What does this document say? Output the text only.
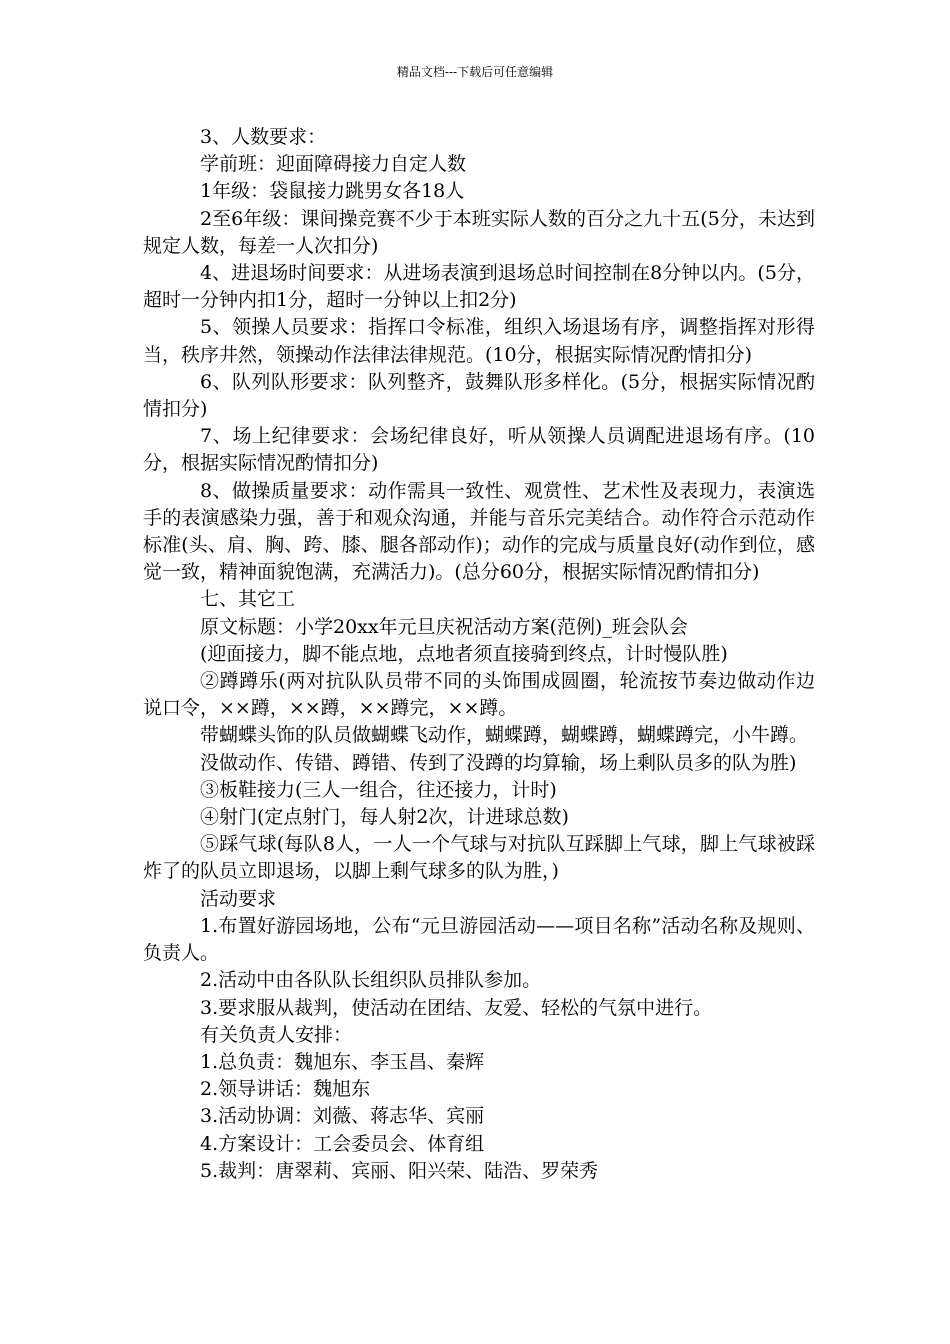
精品文档---下载后可任意编辑

3、人数要求：

学前班：迎面障碍接力自定人数

1年级：袋鼠接力跳男女各18人

2至6年级：课间操竞赛不少于本班实际人数的百分之九十五(5分，未达到规定人数，每差一人次扣分)

4、进退场时间要求：从进场表演到退场总时间控制在8分钟以内。(5分，超时一分钟内扣1分，超时一分钟以上扣2分)

5、领操人员要求：指挥口令标准，组织入场退场有序，调整指挥对形得当，秩序井然，领操动作法律法律规范。(10分，根据实际情况酌情扣分)

6、队列队形要求：队列整齐，鼓舞队形多样化。(5分，根据实际情况酌情扣分)

7、场上纪律要求：会场纪律良好，听从领操人员调配进退场有序。(10分，根据实际情况酌情扣分)

8、做操质量要求：动作需具一致性、观赏性、艺术性及表现力，表演选手的表演感染力强，善于和观众沟通，并能与音乐完美结合。动作符合示范动作标准(头、肩、胸、跨、膝、腿各部动作)；动作的完成与质量良好(动作到位，感觉一致，精神面貌饱满，充满活力)。(总分60分，根据实际情况酌情扣分)

七、其它工

原文标题：小学20xx年元旦庆祝活动方案(范例)_班会队会

(迎面接力，脚不能点地，点地者须直接骑到终点，计时慢队胜)

②蹲蹲乐(两对抗队队员带不同的头饰围成圆圈，轮流按节奏边做动作边说口令，××蹲，××蹲，××蹲完，××蹲。

带蝴蝶头饰的队员做蝴蝶飞动作，蝴蝶蹲，蝴蝶蹲，蝴蝶蹲完，小牛蹲。

没做动作、传错、蹲错、传到了没蹲的均算输，场上剩队员多的队为胜)

③板鞋接力(三人一组合，往还接力，计时)

④射门(定点射门，每人射2次，计进球总数)

⑤踩气球(每队8人，一人一个气球与对抗队互踩脚上气球，脚上气球被踩炸了的队员立即退场，以脚上剩气球多的队为胜，)

活动要求

1.布置好游园场地，公布“元旦游园活动——项目名称”活动名称及规则、负责人。

2.活动中由各队队长组织队员排队参加。

3.要求服从裁判，使活动在团结、友爱、轻松的气氛中进行。

有关负责人安排：

1.总负责：魏旭东、李玉昌、秦辉

2.领导讲话：魏旭东

3.活动协调：刘薇、蒋志华、宾丽

4.方案设计：工会委员会、体育组

5.裁判：唐翠莉、宾丽、阳兴荣、陆浩、罗荣秀
